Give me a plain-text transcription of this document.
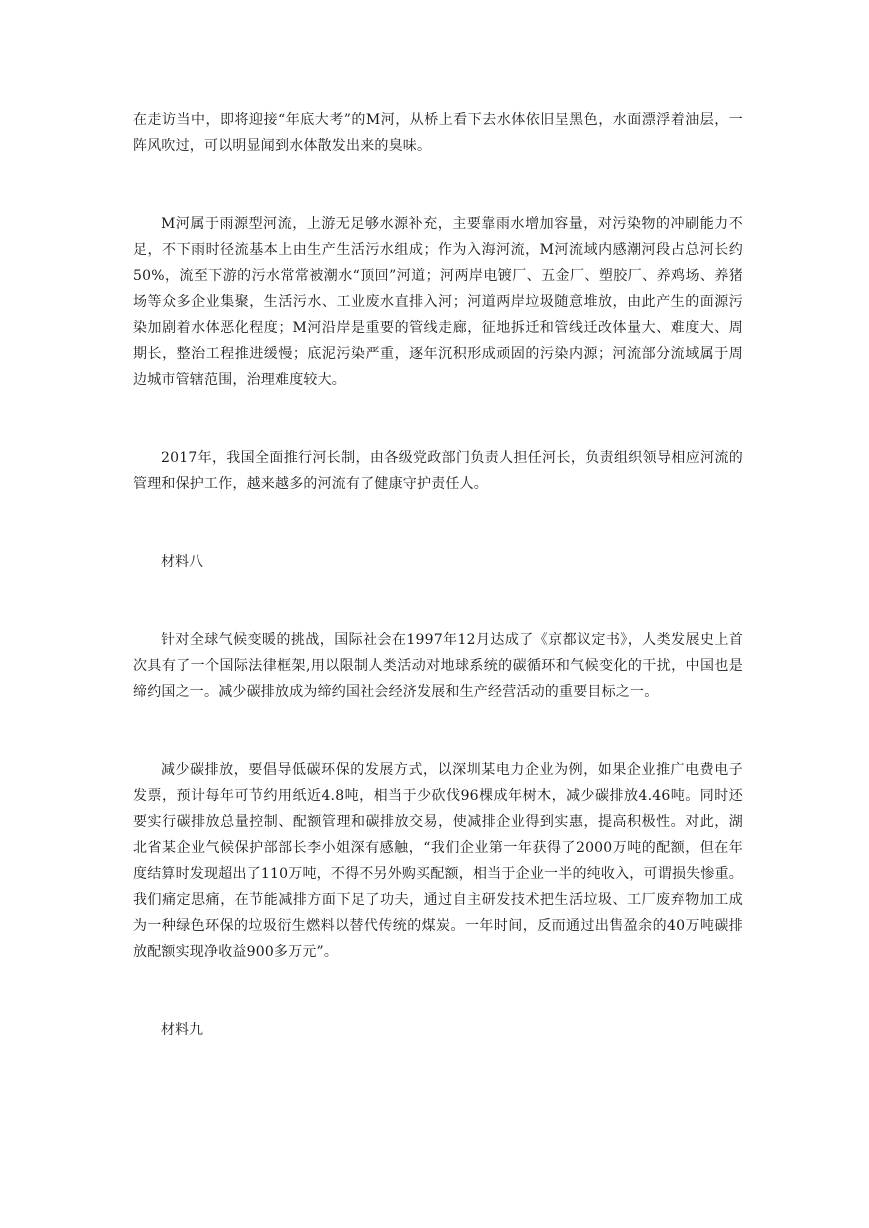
在走访当中，即将迎接“年底大考”的M河，从桥上看下去水体依旧呈黑色，水面漂浮着油层，一阵风吹过，可以明显闻到水体散发出来的臭味。

M河属于雨源型河流，上游无足够水源补充，主要靠雨水增加容量，对污染物的冲刷能力不足，不下雨时径流基本上由生产生活污水组成；作为入海河流，M河流域内感潮河段占总河长约50%，流至下游的污水常常被潮水“顶回”河道；河两岸电镀厂、五金厂、塑胶厂、养鸡场、养猪场等众多企业集聚，生活污水、工业废水直排入河；河道两岸垃圾随意堆放，由此产生的面源污染加剧着水体恶化程度；M河沿岸是重要的管线走廊，征地拆迁和管线迁改体量大、难度大、周期长，整治工程推进缓慢；底泥污染严重，逐年沉积形成顽固的污染内源；河流部分流域属于周边城市管辖范围，治理难度较大。

2017年，我国全面推行河长制，由各级党政部门负责人担任河长，负责组织领导相应河流的管理和保护工作，越来越多的河流有了健康守护责任人。

材料八

针对全球气候变暖的挑战，国际社会在1997年12月达成了《京都议定书》，人类发展史上首次具有了一个国际法律框架,用以限制人类活动对地球系统的碳循环和气候变化的干扰，中国也是缔约国之一。减少碳排放成为缔约国社会经济发展和生产经营活动的重要目标之一。

减少碳排放，要倡导低碳环保的发展方式，以深圳某电力企业为例，如果企业推广电费电子发票，预计每年可节约用纸近4.8吨，相当于少砍伐96棵成年树木，减少碳排放4.46吨。同时还要实行碳排放总量控制、配额管理和碳排放交易，使减排企业得到实惠，提高积极性。对此，湖北省某企业气候保护部部长李小姐深有感触，“我们企业第一年获得了2000万吨的配额，但在年度结算时发现超出了110万吨，不得不另外购买配额，相当于企业一半的纯收入，可谓损失惨重。我们痛定思痛，在节能减排方面下足了功夫，通过自主研发技术把生活垃圾、工厂废弃物加工成为一种绿色环保的垃圾衍生燃料以替代传统的煤炭。一年时间，反而通过出售盈余的40万吨碳排放配额实现净收益900多万元”。

材料九
